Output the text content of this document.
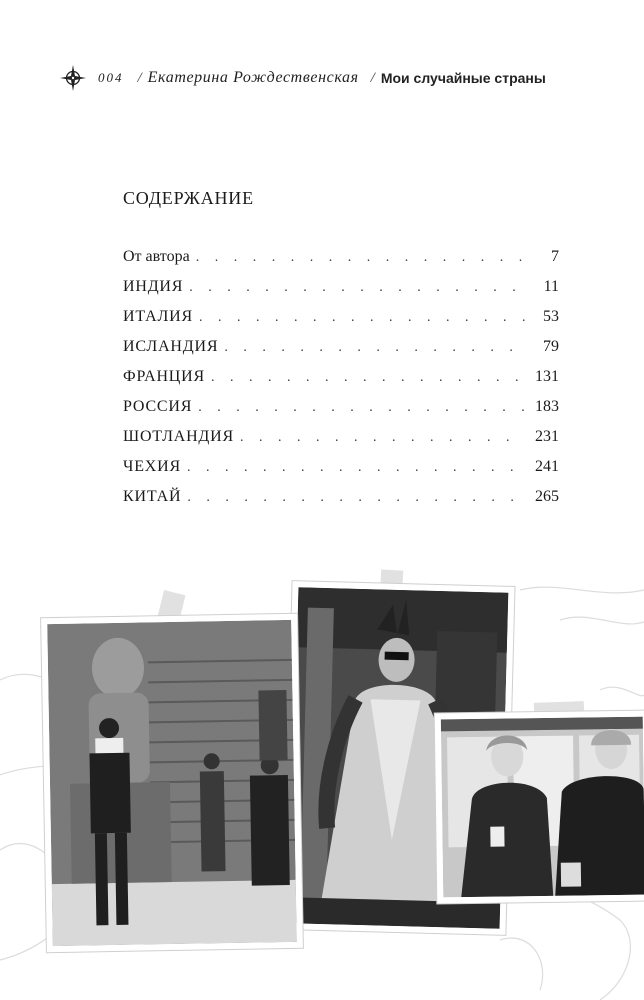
004 / Екатерина Рождественская / Мои случайные страны
СОДЕРЖАНИЕ
От автора . . .	7
ИНДИЯ . . .	11
ИТАЛИЯ . . .	53
ИСЛАНДИЯ . . .	79
ФРАНЦИЯ . . .	131
РОССИЯ . . .	183
ШОТЛАНДИЯ . . .	231
ЧЕХИЯ . . .	241
КИТАЙ . . .	265
